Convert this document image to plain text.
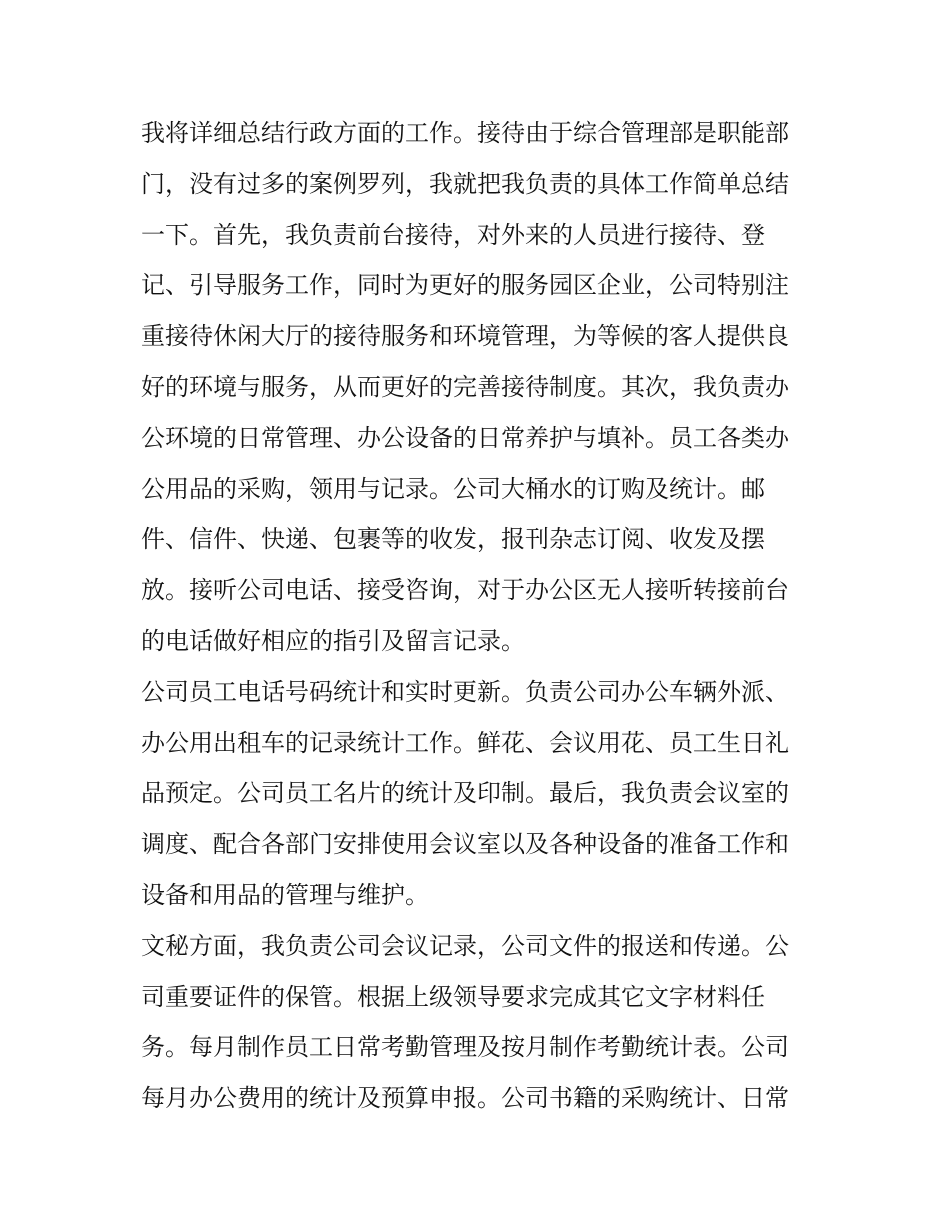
我将详细总结行政方面的工作。接待由于综合管理部是职能部
门，没有过多的案例罗列，我就把我负责的具体工作简单总结
一下。首先，我负责前台接待，对外来的人员进行接待、登
记、引导服务工作，同时为更好的服务园区企业，公司特别注
重接待休闲大厅的接待服务和环境管理，为等候的客人提供良
好的环境与服务，从而更好的完善接待制度。其次，我负责办
公环境的日常管理、办公设备的日常养护与填补。员工各类办
公用品的采购，领用与记录。公司大桶水的订购及统计。邮
件、信件、快递、包裹等的收发，报刊杂志订阅、收发及摆
放。接听公司电话、接受咨询，对于办公区无人接听转接前台
的电话做好相应的指引及留言记录。
公司员工电话号码统计和实时更新。负责公司办公车辆外派、
办公用出租车的记录统计工作。鲜花、会议用花、员工生日礼
品预定。公司员工名片的统计及印制。最后，我负责会议室的
调度、配合各部门安排使用会议室以及各种设备的准备工作和
设备和用品的管理与维护。
文秘方面，我负责公司会议记录，公司文件的报送和传递。公
司重要证件的保管。根据上级领导要求完成其它文字材料任
务。每月制作员工日常考勤管理及按月制作考勤统计表。公司
每月办公费用的统计及预算申报。公司书籍的采购统计、日常
